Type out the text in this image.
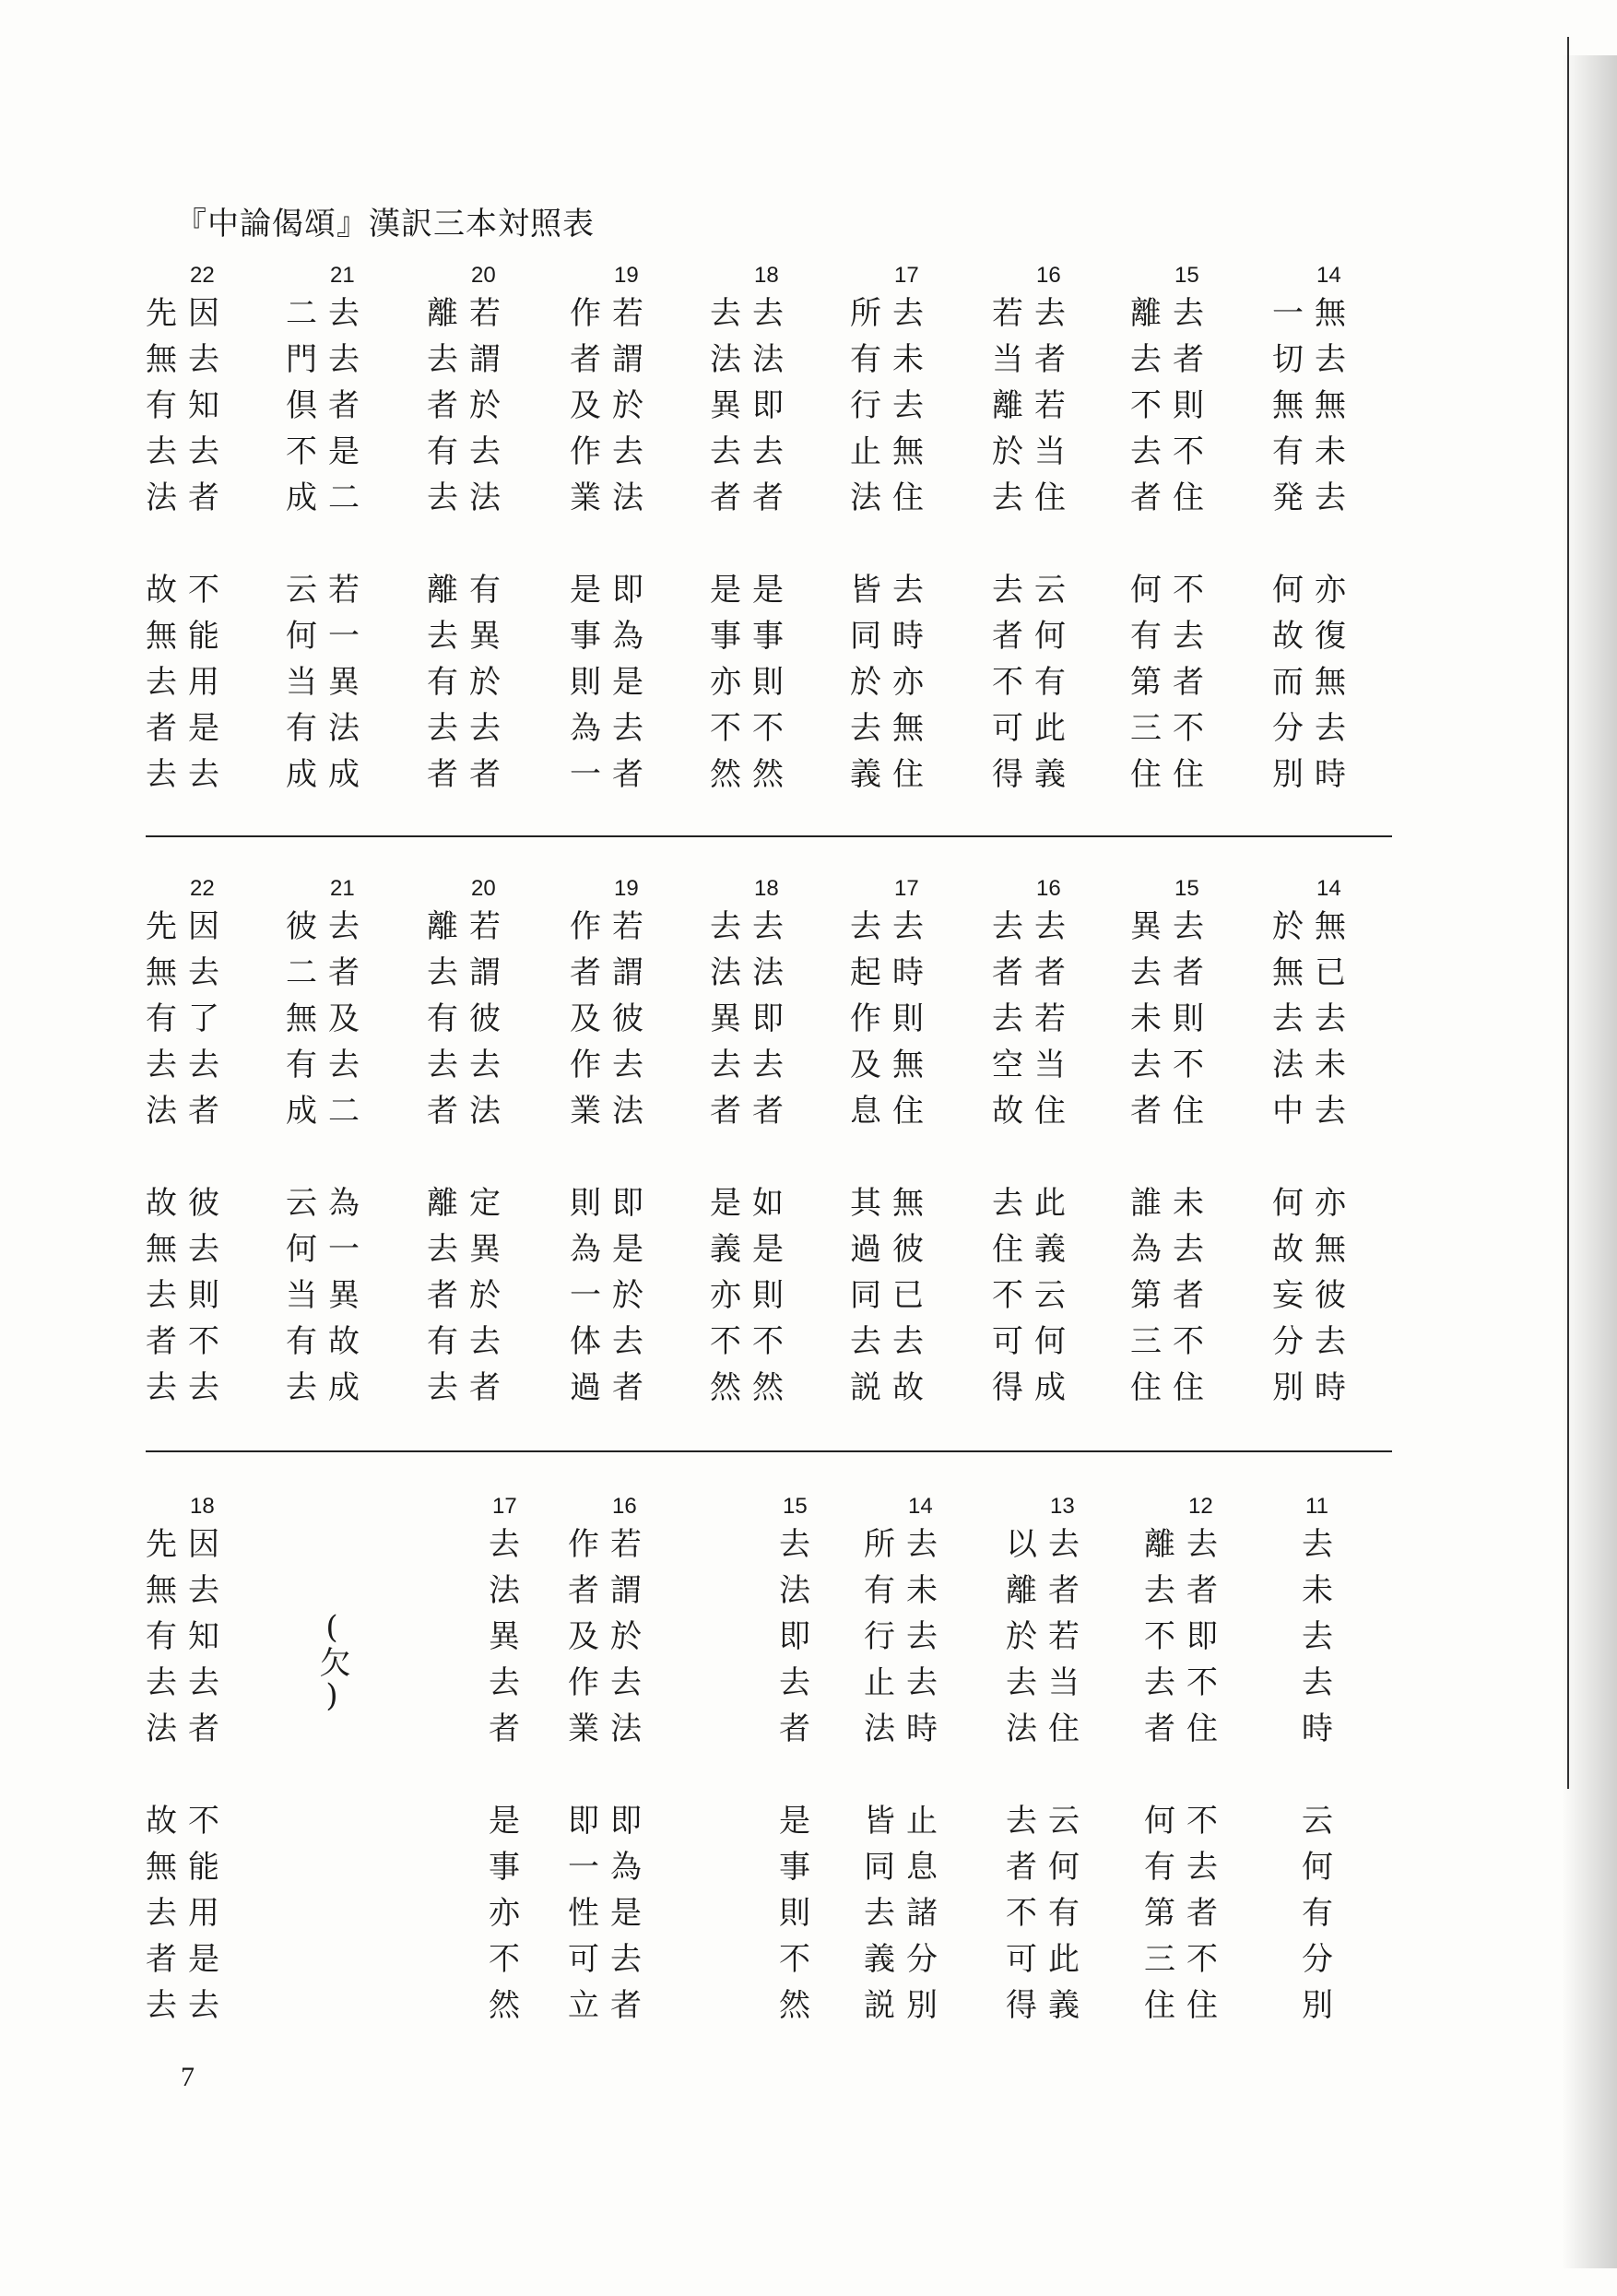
『中論偈頌』漢訳三本対照表
22
先因
無去
有知
去去
法者
故不
無能
去用
者是
去去
21
二去
門去
倶者
不是
成二
云若
何一
当異
有法
成成
20
離若
去謂
者於
有去
去法
離有
去異
有於
去去
者者
19
作若
者謂
及於
作去
業法
是即
事為
則是
為去
一者
18
去去
法法
異即
去去
者者
是是
事事
亦則
不不
然然
17
所去
有未
行去
止無
法住
皆去
同時
於亦
去無
義住
16
若去
当者
離若
於当
去住
去云
者何
不有
可此
得義
15
離去
去者
不則
去不
者住
何不
有去
第者
三不
住住
14
一無
切去
無無
有未
発去
何亦
故復
而無
分去
別時
22
先因
無去
有了
去去
法者
故彼
無去
去則
者不
去去
21
彼去
二者
無及
有去
成二
云為
何一
当異
有故
去成
20
離若
去謂
有彼
去去
者法
離定
去異
者於
有去
去者
19
作若
者謂
及彼
作去
業法
則即
為是
一於
体去
過者
18
去去
法法
異即
去去
者者
是如
義是
亦則
不不
然然
17
去去
起時
作則
及無
息住
其無
過彼
同已
去去
説故
16
去去
者者
去若
空当
故住
去此
住義
不云
可何
得成
15
異去
去者
未則
去不
者住
誰未
為去
第者
三不
住住
14
於無
無已
去去
法未
中去
何亦
故無
妄彼
分去
別時
18
先因
無去
有知
去去
法者
故不
無能
去用
者是
去去
17
去
法
異
去
者
是
事
亦
不
然
16
作若
者謂
及於
作去
業法
即即
一為
性是
可去
立者
15
去
法
即
去
者
是
事
則
不
然
14
所去
有未
行去
止去
法時
皆止
同息
去諸
義分
説別
13
以去
離者
於若
去当
法住
去云
者何
不有
可此
得義
12
離去
去者
不即
去不
者住
何不
有去
第者
三不
住住
11
去
未
去
去
時
云
何
有
分
別
(欠)
7
